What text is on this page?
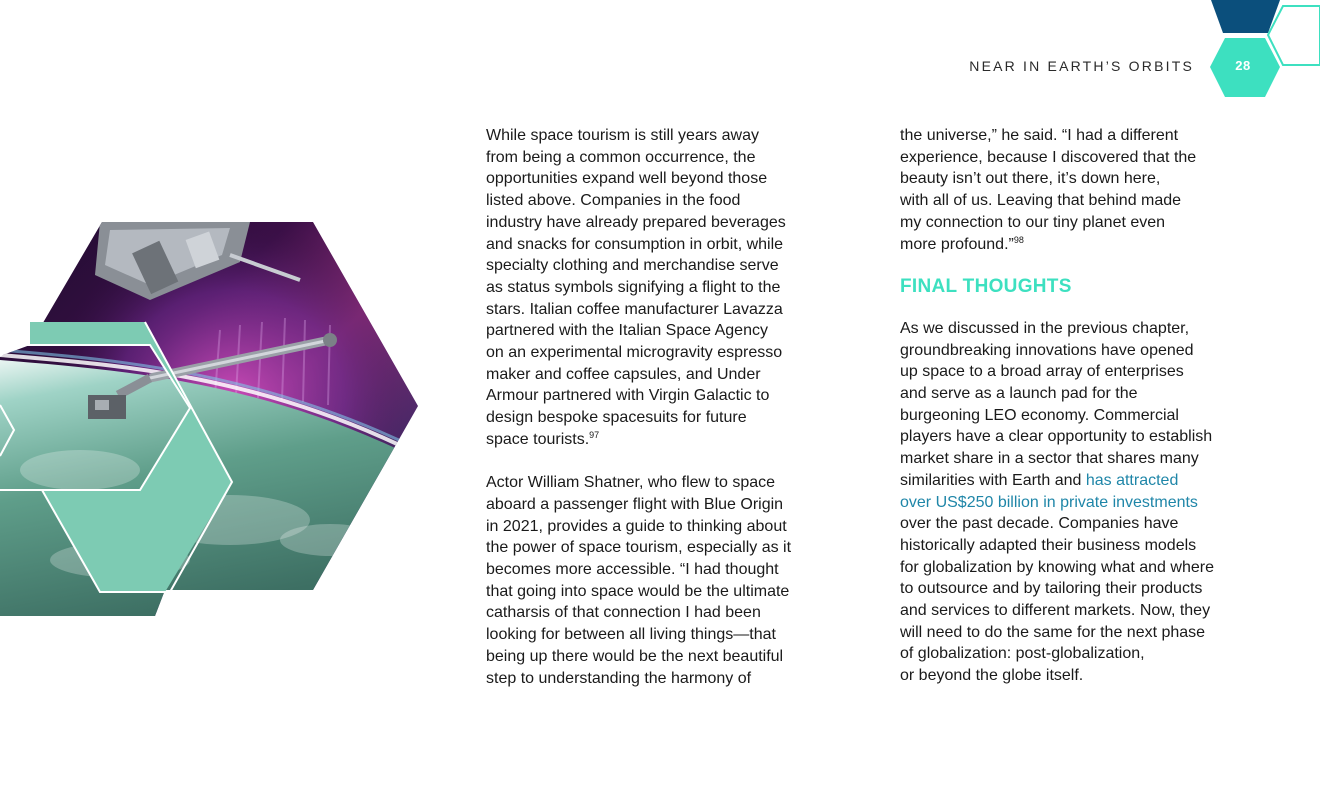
NEAR IN EARTH’S ORBITS	28

While space tourism is still years away
from being a common occurrence, the
opportunities expand well beyond those
listed above. Companies in the food
industry have already prepared beverages
and snacks for consumption in orbit, while
specialty clothing and merchandise serve
as status symbols signifying a flight to the
stars. Italian coffee manufacturer Lavazza
partnered with the Italian Space Agency
on an experimental microgravity espresso
maker and coffee capsules, and Under
Armour partnered with Virgin Galactic to
design bespoke spacesuits for future
space tourists.$^{97}$

Actor William Shatner, who flew to space
aboard a passenger flight with Blue Origin
in 2021, provides a guide to thinking about
the power of space tourism, especially as it
becomes more accessible. “I had thought
that going into space would be the ultimate
catharsis of that connection I had been
looking for between all living things—that
being up there would be the next beautiful
step to understanding the harmony of

the universe,” he said. “I had a different
experience, because I discovered that the
beauty isn’t out there, it’s down here,
with all of us. Leaving that behind made
my connection to our tiny planet even
more profound.”$^{98}$

FINAL THOUGHTS

As we discussed in the previous chapter,
groundbreaking innovations have opened
up space to a broad array of enterprises
and serve as a launch pad for the
burgeoning LEO economy. Commercial
players have a clear opportunity to establish
market share in a sector that shares many
similarities with Earth and has attracted
over US$250 billion in private investments
over the past decade. Companies have
historically adapted their business models
for globalization by knowing what and where
to outsource and by tailoring their products
and services to different markets. Now, they
will need to do the same for the next phase
of globalization: post-globalization,
or beyond the globe itself.
